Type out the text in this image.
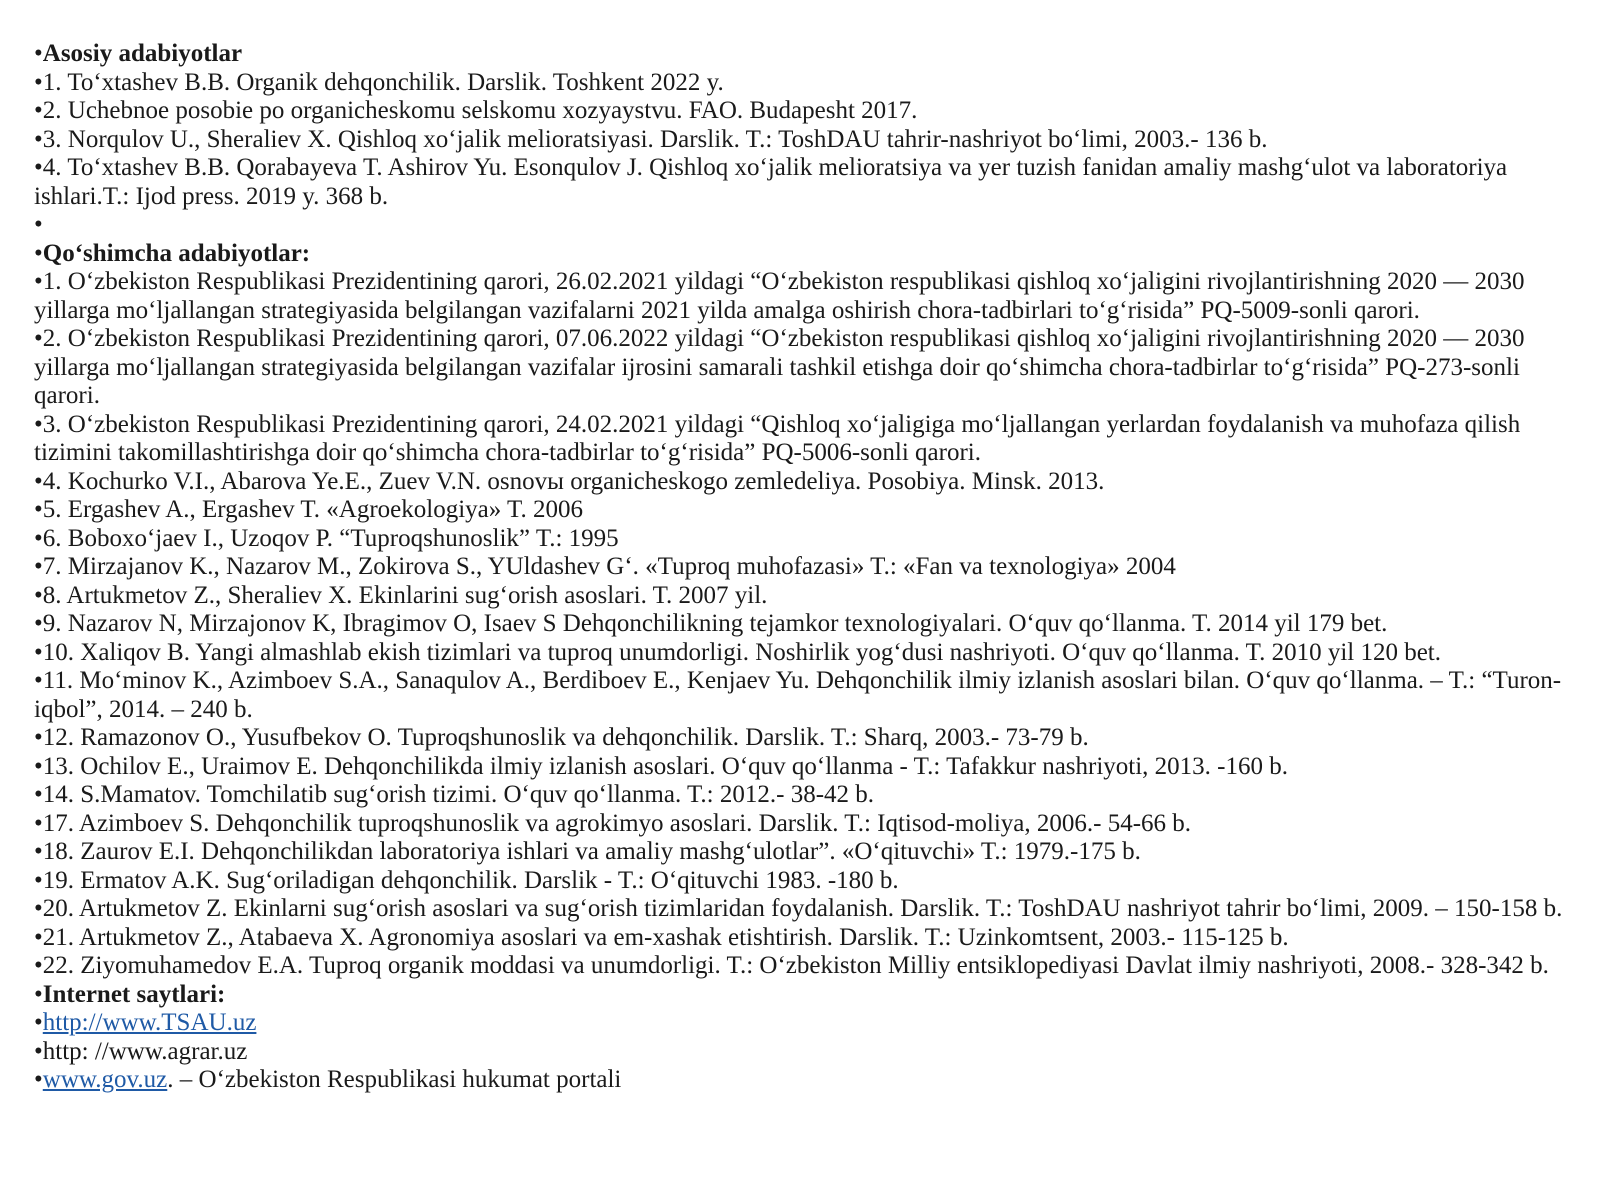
•Asosiy adabiyotlar

•1. To‘xtashev B.B. Organik dehqonchilik. Darslik. Toshkent 2022 y.

•2. Uchebnoe posobie po organicheskomu selskomu xozyaystvu. FAO. Budapesht 2017.

•3. Norqulov U., Sheraliev X. Qishloq xo‘jalik melioratsiyasi. Darslik. T.: ToshDAU tahrir-nashriyot bo‘limi, 2003.- 136 b.

•4. To‘xtashev B.B. Qorabayeva T. Ashirov Yu. Esonqulov J. Qishloq xo‘jalik melioratsiya va yer tuzish fanidan amaliy mashg‘ulot va laboratoriya ishlari.T.: Ijod press. 2019 y. 368 b.

•

•Qo‘shimcha adabiyotlar:

•1. O‘zbekiston Respublikasi Prezidentining qarori, 26.02.2021 yildagi “O‘zbekiston respublikasi qishloq xo‘jaligini rivojlantirishning 2020 — 2030 yillarga mo‘ljallangan strategiyasida belgilangan vazifalarni 2021 yilda amalga oshirish chora-tadbirlari to‘g‘risida” PQ-5009-sonli qarori.

•2. O‘zbekiston Respublikasi Prezidentining qarori, 07.06.2022 yildagi “O‘zbekiston respublikasi qishloq xo‘jaligini rivojlantirishning 2020 — 2030 yillarga mo‘ljallangan strategiyasida belgilangan vazifalar ijrosini samarali tashkil etishga doir qo‘shimcha chora-tadbirlar to‘g‘risida” PQ-273-sonli qarori.

•3. O‘zbekiston Respublikasi Prezidentining qarori, 24.02.2021 yildagi “Qishloq xo‘jaligiga mo‘ljallangan yerlardan foydalanish va muhofaza qilish tizimini takomillashtirishga doir qo‘shimcha chora-tadbirlar to‘g‘risida” PQ-5006-sonli qarori.

•4. Kochurko V.I., Abarova Ye.E., Zuev V.N. osnovы organicheskogo zemledeliya. Posobiya. Minsk. 2013.

•5. Ergashev A., Ergashev T. «Agroekologiya» T. 2006

•6. Boboxo‘jaev I., Uzoqov P. “Tuproqshunoslik” T.: 1995

•7. Mirzajanov K., Nazarov M., Zokirova S., YUldashev G‘. «Tuproq muhofazasi» T.: «Fan va texnologiya» 2004

•8. Artukmetov Z., Sheraliev X. Ekinlarini sug‘orish asoslari. T. 2007 yil.

•9. Nazarov N, Mirzajonov K, Ibragimov O, Isaev S Dehqonchilikning tejamkor texnologiyalari. O‘quv qo‘llanma. T. 2014 yil 179 bet.

•10. Xaliqov B. Yangi almashlab ekish tizimlari va tuproq unumdorligi. Noshirlik yog‘dusi nashriyoti. O‘quv qo‘llanma. T. 2010 yil 120 bet.

•11. Mo‘minov K., Azimboev S.A., Sanaqulov A., Berdiboev E., Kenjaev Yu. Dehqonchilik ilmiy izlanish asoslari bilan. O‘quv qo‘llanma. – T.: “Turon-iqbol”, 2014. – 240 b.

•12. Ramazonov O., Yusufbekov O. Tuproqshunoslik va dehqonchilik. Darslik. T.: Sharq, 2003.- 73-79 b.

•13. Ochilov E., Uraimov E. Dehqonchilikda ilmiy izlanish asoslari. O‘quv qo‘llanma - T.: Tafakkur nashriyoti, 2013. -160 b.

•14. S.Mamatov. Tomchilatib sug‘orish tizimi. O‘quv qo‘llanma. T.: 2012.- 38-42 b.

•17. Azimboev S. Dehqonchilik tuproqshunoslik va agrokimyo asoslari. Darslik. T.: Iqtisod-moliya, 2006.- 54-66 b.

•18. Zaurov E.I. Dehqonchilikdan laboratoriya ishlari va amaliy mashg‘ulotlar”. «O‘qituvchi» T.: 1979.-175 b.

•19. Ermatov A.K. Sug‘oriladigan dehqonchilik. Darslik - T.: O‘qituvchi 1983. -180 b.

•20. Artukmetov Z. Ekinlarni sug‘orish asoslari va sug‘orish tizimlaridan foydalanish. Darslik. T.: ToshDAU nashriyot tahrir bo‘limi, 2009. – 150-158 b.

•21. Artukmetov Z., Atabaeva X. Agronomiya asoslari va em-xashak etishtirish. Darslik. T.: Uzinkomtsent, 2003.- 115-125 b.

•22. Ziyomuhamedov E.A. Tuproq organik moddasi va unumdorligi. T.: O‘zbekiston Milliy entsiklopediyasi Davlat ilmiy nashriyoti, 2008.- 328-342 b.

•Internet saytlari:

•http://www.TSAU.uz

•http: //www.agrar.uz

•www.gov.uz. – O‘zbekiston Respublikasi hukumat portali
